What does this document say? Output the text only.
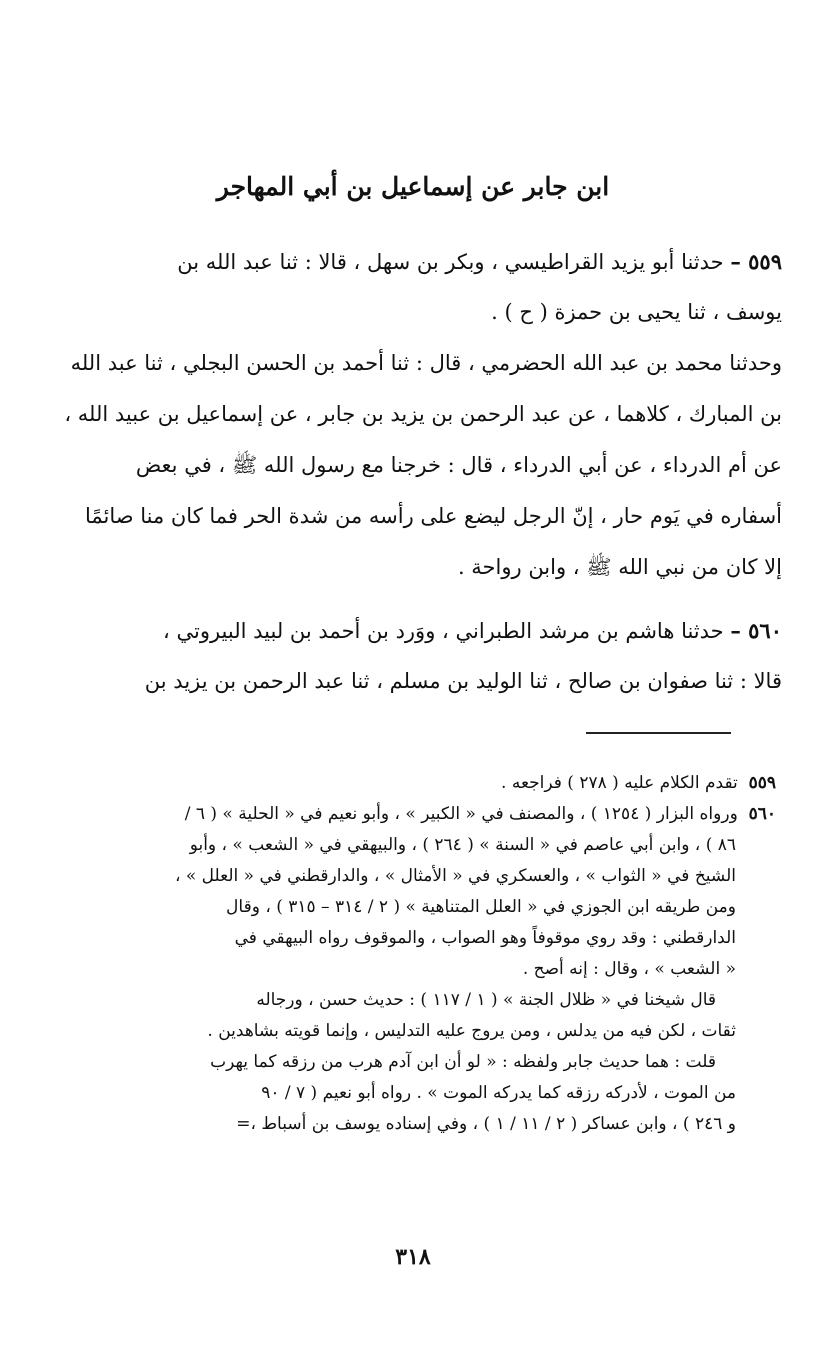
ابن جابر عن إسماعيل بن أبي المهاجر
٥٥٩ – حدثنا أبو يزيد القراطيسي ، وبكر بن سهل ، قالا : ثنا عبد الله بن
يوسف ، ثنا يحيى بن حمزة ( ح ) .
وحدثنا محمد بن عبد الله الحضرمي ، قال : ثنا أحمد بن الحسن البجلي ، ثنا عبد الله
بن المبارك ، كلاهما ، عن عبد الرحمن بن يزيد بن جابر ، عن إسماعيل بن عبيد الله ،
عن أم الدرداء ، عن أبي الدرداء ، قال : خرجنا مع رسول الله ﷺ ، في بعض
أسفاره في يَوم حار ، إنّ الرجل ليضع على رأسه من شدة الحر فما كان منا صائمًا
إلا كان من نبي الله ﷺ ، وابن رواحة .
٥٦٠ – حدثنا هاشم بن مرشد الطبراني ، ووَرد بن أحمد بن لبيد البيروتي ،
قالا : ثنا صفوان بن صالح ، ثنا الوليد بن مسلم ، ثنا عبد الرحمن بن يزيد بن
٥٥٩  تقدم الكلام عليه ( ٢٧٨ ) فراجعه .
٥٦٠  ورواه البزار ( ١٢٥٤ ) ، والمصنف في « الكبير » ، وأبو نعيم في « الحلية » ( ٦ /
٨٦ ) ، وابن أبي عاصم في « السنة » ( ٢٦٤ ) ، والبيهقي في « الشعب » ، وأبو
الشيخ في « الثواب » ، والعسكري في « الأمثال » ، والدارقطني في « العلل » ،
ومن طريقه ابن الجوزي في « العلل المتناهية » ( ٢ / ٣١٤ – ٣١٥ ) ، وقال
الدارقطني : وقد روي موقوفاً وهو الصواب ، والموقوف رواه البيهقي في
« الشعب » ، وقال : إنه أصح .
قال شيخنا في « ظلال الجنة » ( ١ / ١١٧ ) : حديث حسن ، ورجاله
ثقات ، لكن فيه من يدلس ، ومن يروج عليه التدليس ، وإنما قويته بشاهدين .
قلت : هما حديث جابر ولفظه : « لو أن ابن آدم هرب من رزقه كما يهرب
من الموت ، لأدركه رزقه كما يدركه الموت » . رواه أبو نعيم ( ٧ / ٩٠
و ٢٤٦ ) ، وابن عساكر ( ٢ / ١١ / ١ ) ، وفي إسناده يوسف بن أسباط ،=
٣١٨
